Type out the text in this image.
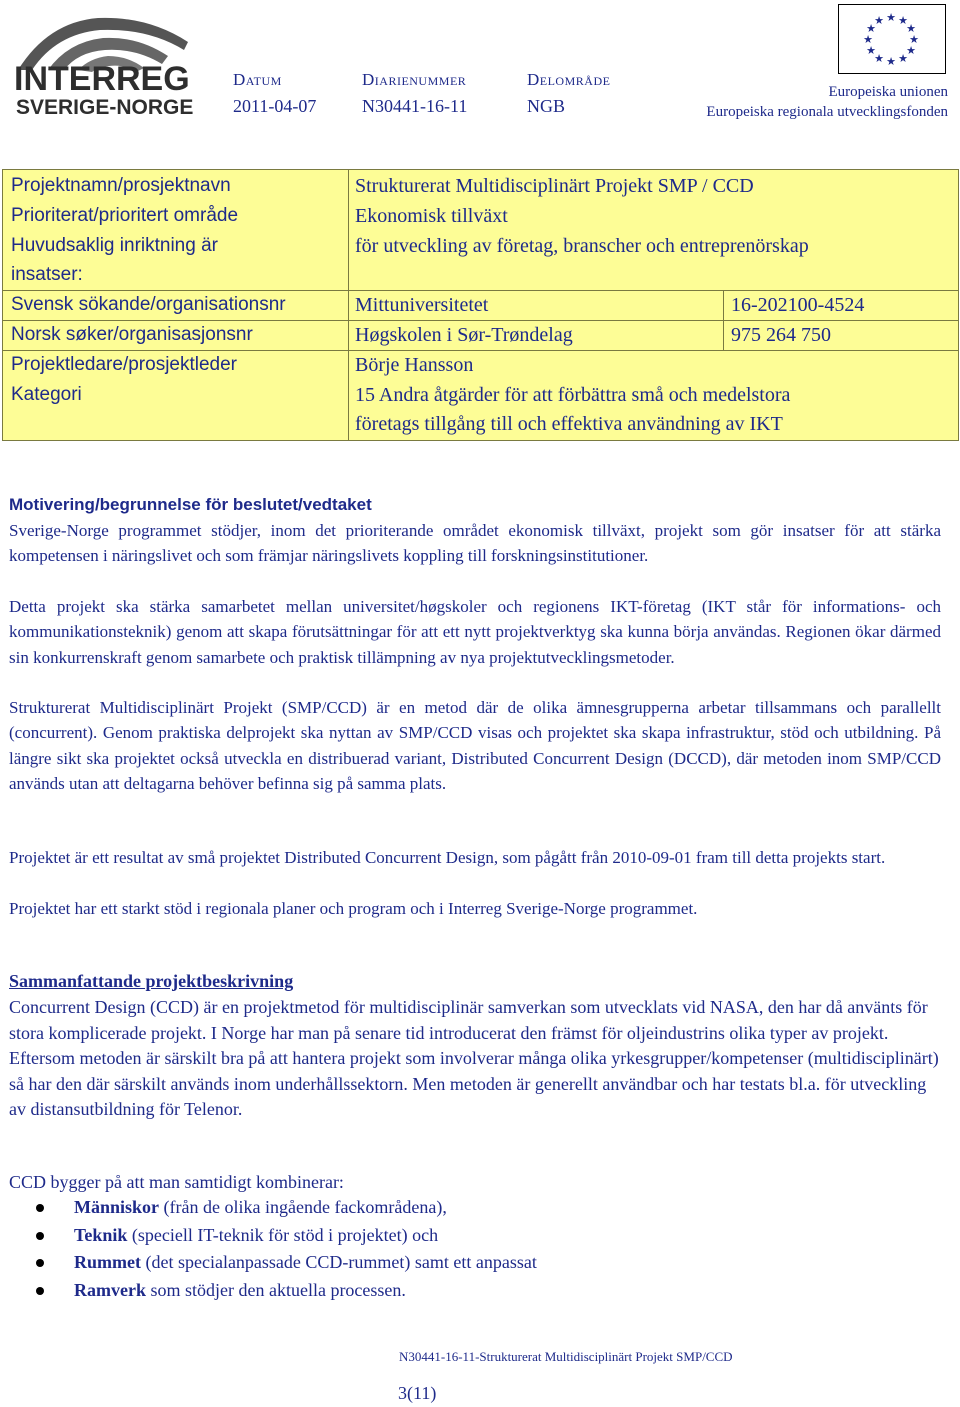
INTERREG
SVERIGE-NORGE
Datum
2011-04-07
Diarienummer
N30441-16-11
Delområde
NGB
★ ★
★
★
★
★
★
★
★
★
★
★
Europeiska unionen
Europeiska regionala utvecklingsfonden
Projektnamn/prosjektnavn	Strukturerat Multidisciplinärt Projekt SMP / CCD
Prioriterat/prioritert område	Ekonomisk tillväxt
Huvudsaklig inriktning är	för utveckling av företag, branscher och entreprenörskap
insatser:
Svensk sökande/organisationsnr	Mittuniversitetet	16-202100-4524
Norsk søker/organisasjonsnr	Høgskolen i Sør-Trøndelag	975 264 750
Projektledare/prosjektleder	Börje Hansson
Kategori	15 Andra åtgärder för att förbättra små och medelstora
företags tillgång till och effektiva användning av IKT
Motivering/begrunnelse för beslutet/vedtaket
Sverige-Norge programmet stödjer, inom det prioriterande området ekonomisk tillväxt, projekt som gör insatser för att stärka kompetensen i näringslivet och som främjar näringslivets koppling till forskningsinstitutioner.
Detta projekt ska stärka samarbetet mellan universitet/høgskoler och regionens IKT-företag (IKT står för informations- och kommunikationsteknik) genom att skapa förutsättningar för att ett nytt projektverktyg ska kunna börja användas. Regionen ökar därmed sin konkurrenskraft genom samarbete och praktisk tillämpning av nya projektutvecklingsmetoder.
Strukturerat Multidisciplinärt Projekt (SMP/CCD) är en metod där de olika ämnesgrupperna arbetar tillsammans och parallellt (concurrent). Genom praktiska delprojekt ska nyttan av SMP/CCD visas och projektet ska skapa infrastruktur, stöd och utbildning. På längre sikt ska projektet också utveckla en distribuerad variant, Distributed Concurrent Design (DCCD), där metoden inom SMP/CCD används utan att deltagarna behöver befinna sig på samma plats.
Projektet är ett resultat av små projektet Distributed Concurrent Design, som pågått från 2010-09-01 fram till detta projekts start.
Projektet har ett starkt stöd i regionala planer och program och i Interreg Sverige-Norge programmet.
Sammanfattande projektbeskrivning
Concurrent Design (CCD) är en projektmetod för multidisciplinär samverkan som utvecklats vid NASA, den har då använts för stora komplicerade projekt. I Norge har man på senare tid introducerat den främst för oljeindustrins olika typer av projekt. Eftersom metoden är särskilt bra på att hantera projekt som involverar många olika yrkesgrupper/kompetenser (multidisciplinärt) så har den där särskilt används inom underhållssektorn. Men metoden är generellt användbar och har testats bl.a. för utveckling av distansutbildning för Telenor.
CCD bygger på att man samtidigt kombinerar:
Människor (från de olika ingående fackområdena),
Teknik (speciell IT-teknik för stöd i projektet) och
Rummet (det specialanpassade CCD-rummet) samt ett anpassat
Ramverk som stödjer den aktuella processen.
N30441-16-11-Strukturerat Multidisciplinärt Projekt SMP/CCD
3(11)
